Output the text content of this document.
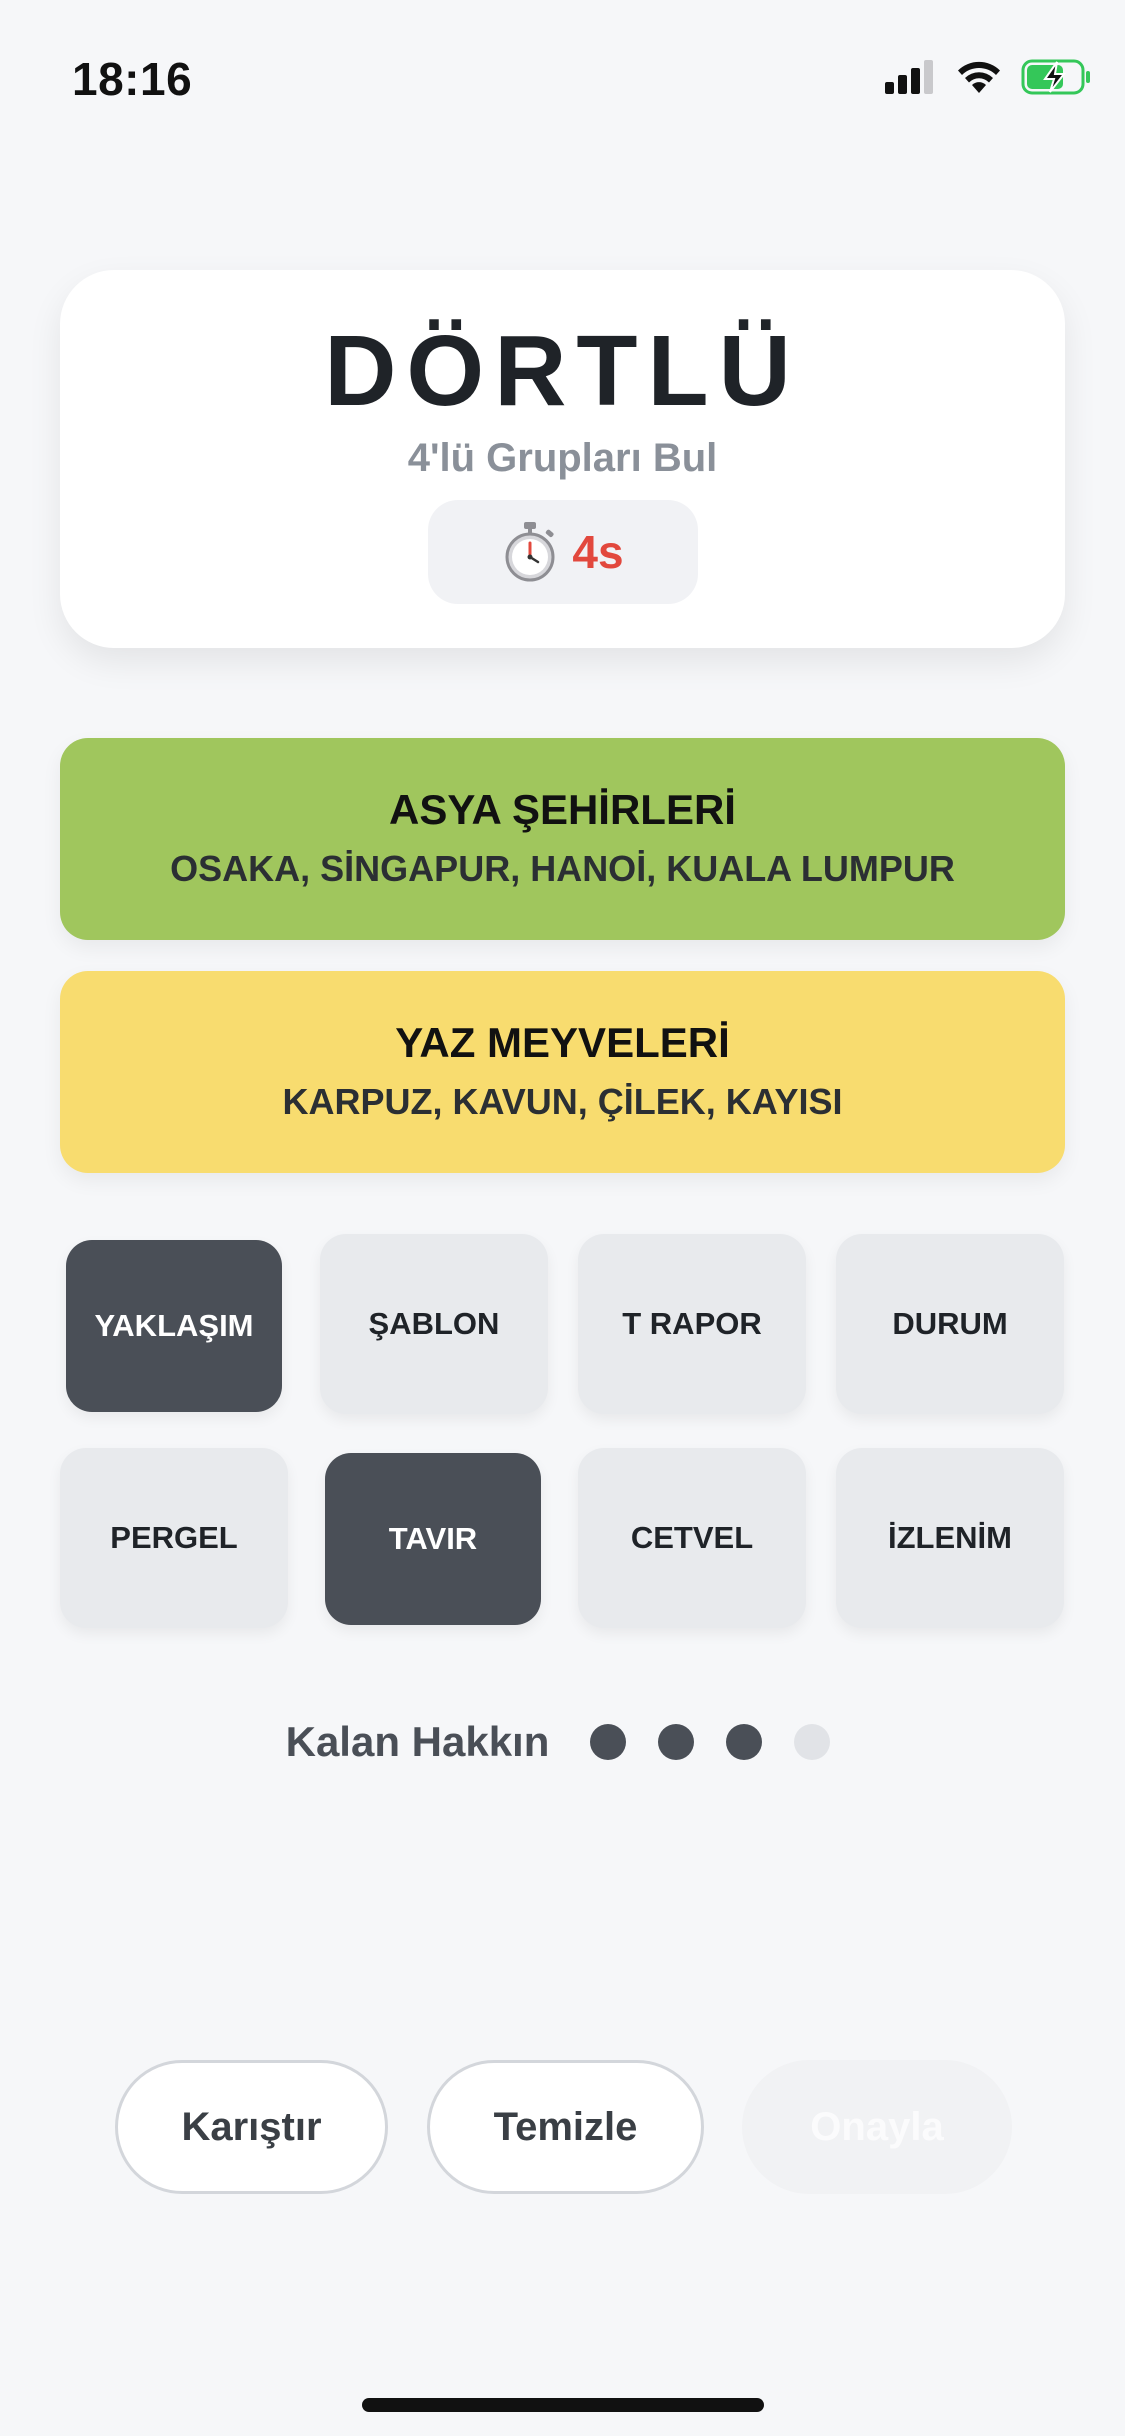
18:16
DÖRTLÜ
4'lü Grupları Bul
4s
ASYA ŞEHİRLERİ
OSAKA, SİNGAPUR, HANOİ, KUALA LUMPUR
YAZ MEYVELERİ
KARPUZ, KAVUN, ÇİLEK, KAYISI
YAKLAŞIM	ŞABLON	T RAPOR	DURUM
PERGEL	TAVIR	CETVEL	İZLENİM
Kalan Hakkın
Karıştır	Temizle	Onayla
